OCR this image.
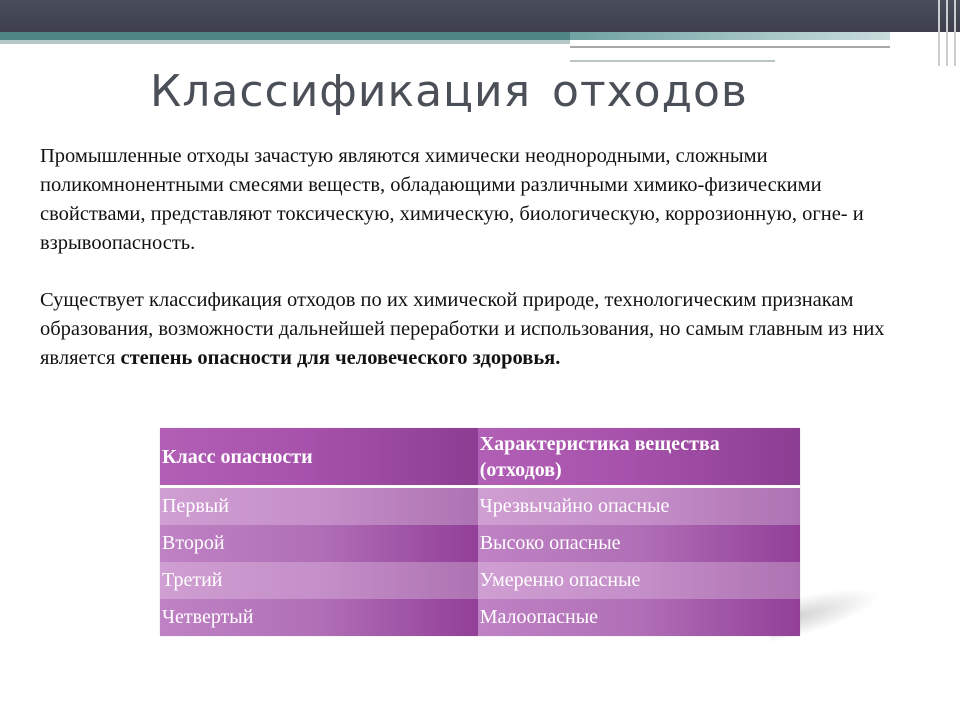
Классификация отходов
Промышленные отходы зачастую являются химически неоднородными, сложными поликомнонентными смесями веществ, обладающими различными химико-физическими свойствами, представляют токсическую, химическую, биологическую, коррозионную, огне- и взрывоопасность.
Существует классификация отходов по их химической природе, технологическим признакам образования, возможности дальнейшей переработки и использования, но самым главным из них является степень опасности для человеческого здоровья.
Класс опасности	Характеристика вещества (отходов)
Первый	Чрезвычайно опасные
Второй	Высоко опасные
Третий	Умеренно опасные
Четвертый	Малоопасные
